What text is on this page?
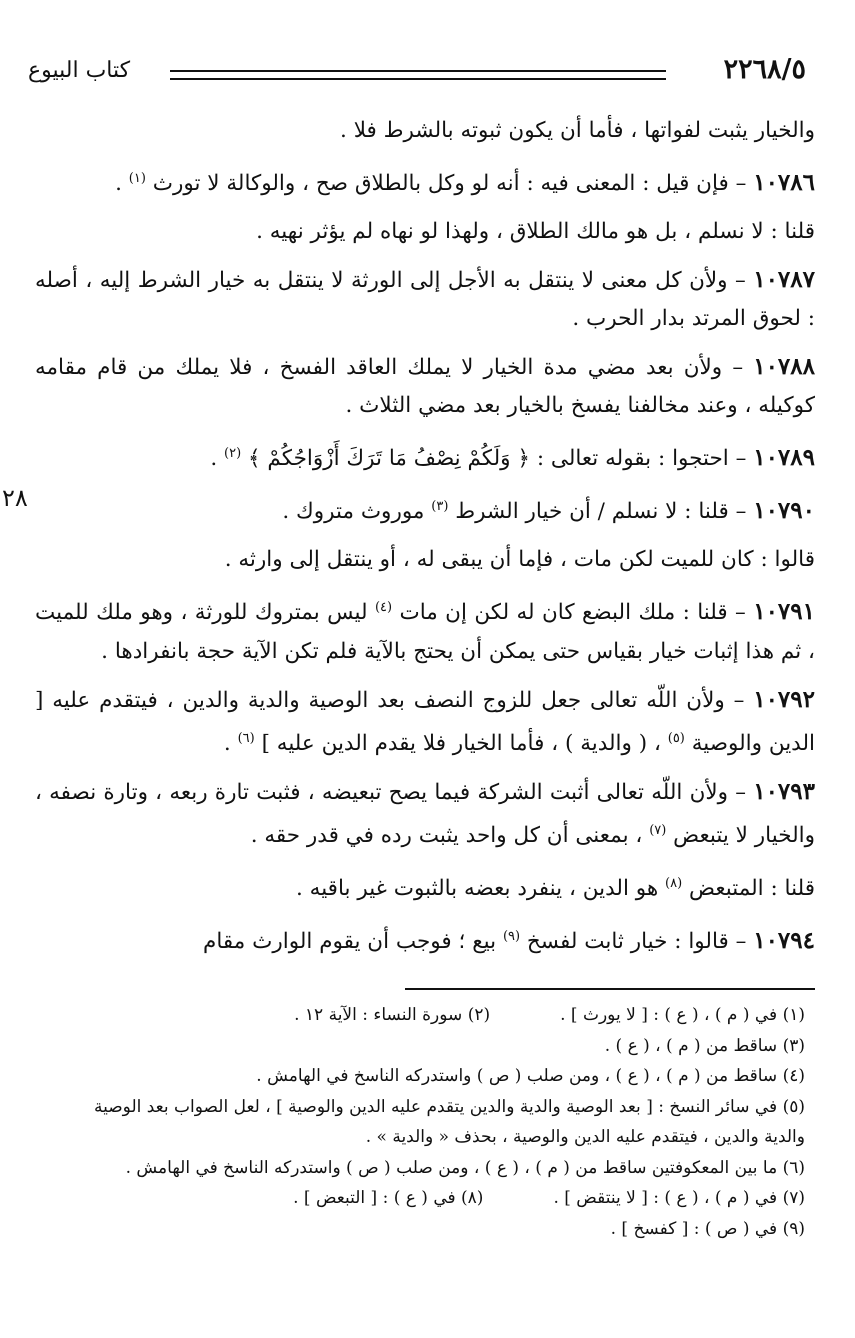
٢٢٦٨/٥
كتاب البيوع
٢٨

والخيار يثبت لفواتها ، فأما أن يكون ثبوته بالشرط فلا .

١٠٧٨٦ – فإن قيل : المعنى فيه : أنه لو وكل بالطلاق صح ، والوكالة لا تورث $^{(١)}$ .

قلنا : لا نسلم ، بل هو مالك الطلاق ، ولهذا لو نهاه لم يؤثر نهيه .

١٠٧٨٧ – ولأن كل معنى لا ينتقل به الأجل إلى الورثة لا ينتقل به خيار الشرط إليه ، أصله : لحوق المرتد بدار الحرب .

١٠٧٨٨ – ولأن بعد مضي مدة الخيار لا يملك العاقد الفسخ ، فلا يملك من قام مقامه كوكيله ، وعند مخالفنا يفسخ بالخيار بعد مضي الثلاث .

١٠٧٨٩ – احتجوا : بقوله تعالى : ﴿ وَلَكُمْ نِصْفُ مَا تَرَكَ أَزْوَاجُكُمْ ﴾ $^{(٢)}$ .

١٠٧٩٠ – قلنا : لا نسلم / أن خيار الشرط $^{(٣)}$ موروث متروك .

قالوا : كان للميت لكن مات ، فإما أن يبقى له ، أو ينتقل إلى وارثه .

١٠٧٩١ – قلنا : ملك البضع كان له لكن إن مات $^{(٤)}$ ليس بمتروك للورثة ، وهو ملك للميت ، ثم هذا إثبات خيار بقياس حتى يمكن أن يحتج بالآية فلم تكن الآية حجة بانفرادها .

١٠٧٩٢ – ولأن اللّه تعالى جعل للزوج النصف بعد الوصية والدية والدين ، فيتقدم عليه [ الدين والوصية $^{(٥)}$ ، ( والدية ) ، فأما الخيار فلا يقدم الدين عليه ] $^{(٦)}$ .

١٠٧٩٣ – ولأن اللّه تعالى أثبت الشركة فيما يصح تبعيضه ، فثبت تارة ربعه ، وتارة نصفه ، والخيار لا يتبعض $^{(٧)}$ ، بمعنى أن كل واحد يثبت رده في قدر حقه .

قلنا : المتبعض $^{(٨)}$ هو الدين ، ينفرد بعضه بالثبوت غير باقيه .

١٠٧٩٤ – قالوا : خيار ثابت لفسخ $^{(٩)}$ بيع ؛ فوجب أن يقوم الوارث مقام

(١) في ( م ) ، ( ع ) : [ لا يورث ] .

(٢) سورة النساء : الآية ١٢ .

(٣) ساقط من ( م ) ، ( ع ) .

(٤) ساقط من ( م ) ، ( ع ) ، ومن صلب ( ص ) واستدركه الناسخ في الهامش .

(٥) في سائر النسخ : [ بعد الوصية والدية والدين يتقدم عليه الدين والوصية ] ، لعل الصواب بعد الوصية والدية والدين ، فيتقدم عليه الدين والوصية ، بحذف « والدية » .

(٦) ما بين المعكوفتين ساقط من ( م ) ، ( ع ) ، ومن صلب ( ص ) واستدركه الناسخ في الهامش .

(٧) في ( م ) ، ( ع ) : [ لا ينتقض ] .

(٨) في ( ع ) : [ التبعض ] .

(٩) في ( ص ) : [ كفسخ ] .
